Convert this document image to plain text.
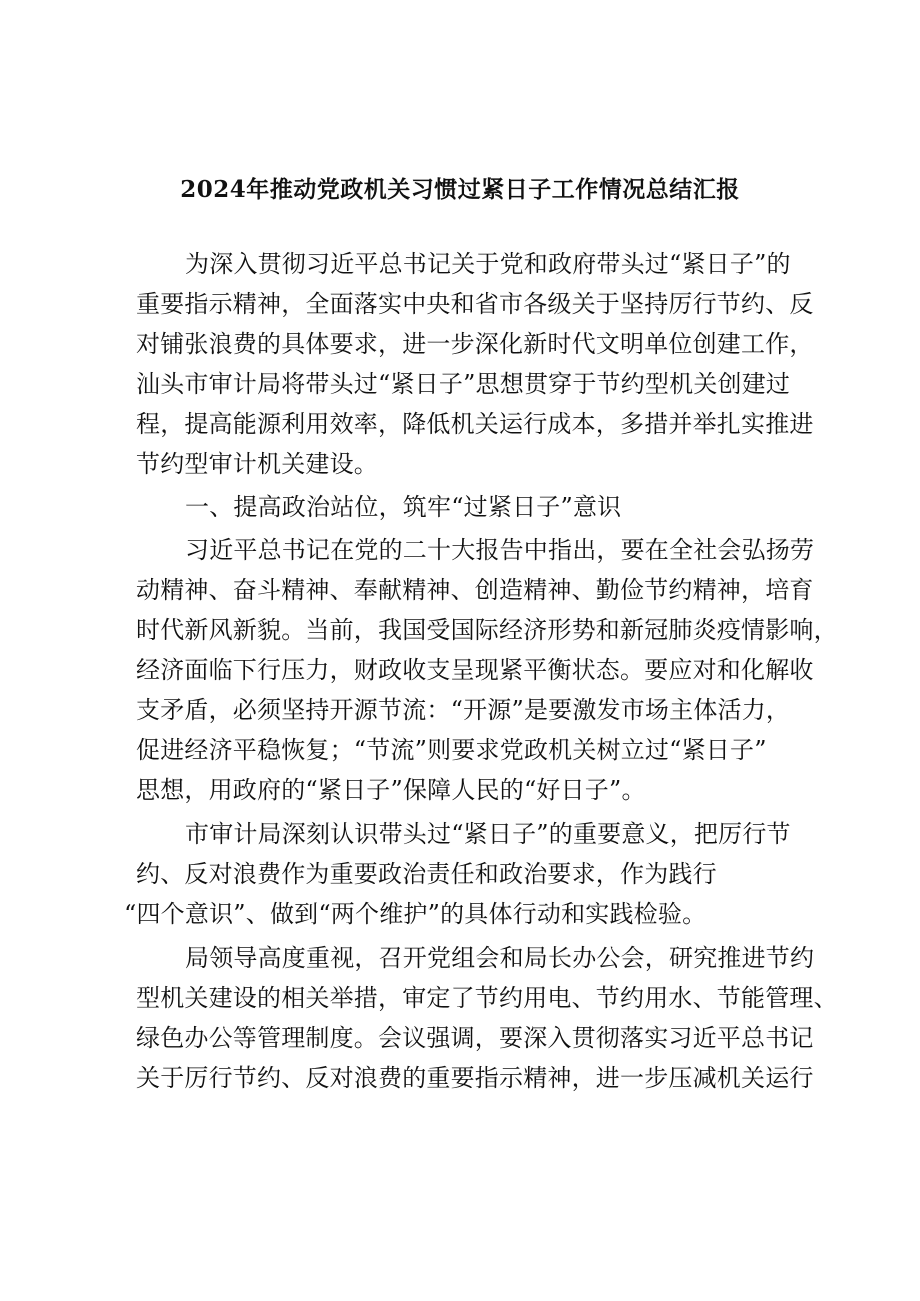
2024年推动党政机关习惯过紧日子工作情况总结汇报
为深入贯彻习近平总书记关于党和政府带头过“紧日子”的
重要指示精神，全面落实中央和省市各级关于坚持厉行节约、反
对铺张浪费的具体要求，进一步深化新时代文明单位创建工作，
汕头市审计局将带头过“紧日子”思想贯穿于节约型机关创建过
程，提高能源利用效率，降低机关运行成本，多措并举扎实推进
节约型审计机关建设。
一、提高政治站位，筑牢“过紧日子”意识
习近平总书记在党的二十大报告中指出，要在全社会弘扬劳
动精神、奋斗精神、奉献精神、创造精神、勤俭节约精神，培育
时代新风新貌。当前，我国受国际经济形势和新冠肺炎疫情影响，
经济面临下行压力，财政收支呈现紧平衡状态。要应对和化解收
支矛盾，必须坚持开源节流：“开源”是要激发市场主体活力，
促进经济平稳恢复；“节流”则要求党政机关树立过“紧日子”
思想，用政府的“紧日子”保障人民的“好日子”。
市审计局深刻认识带头过“紧日子”的重要意义，把厉行节
约、反对浪费作为重要政治责任和政治要求，作为践行
“四个意识”、做到“两个维护”的具体行动和实践检验。
局领导高度重视，召开党组会和局长办公会，研究推进节约
型机关建设的相关举措，审定了节约用电、节约用水、节能管理、
绿色办公等管理制度。会议强调，要深入贯彻落实习近平总书记
关于厉行节约、反对浪费的重要指示精神，进一步压减机关运行
